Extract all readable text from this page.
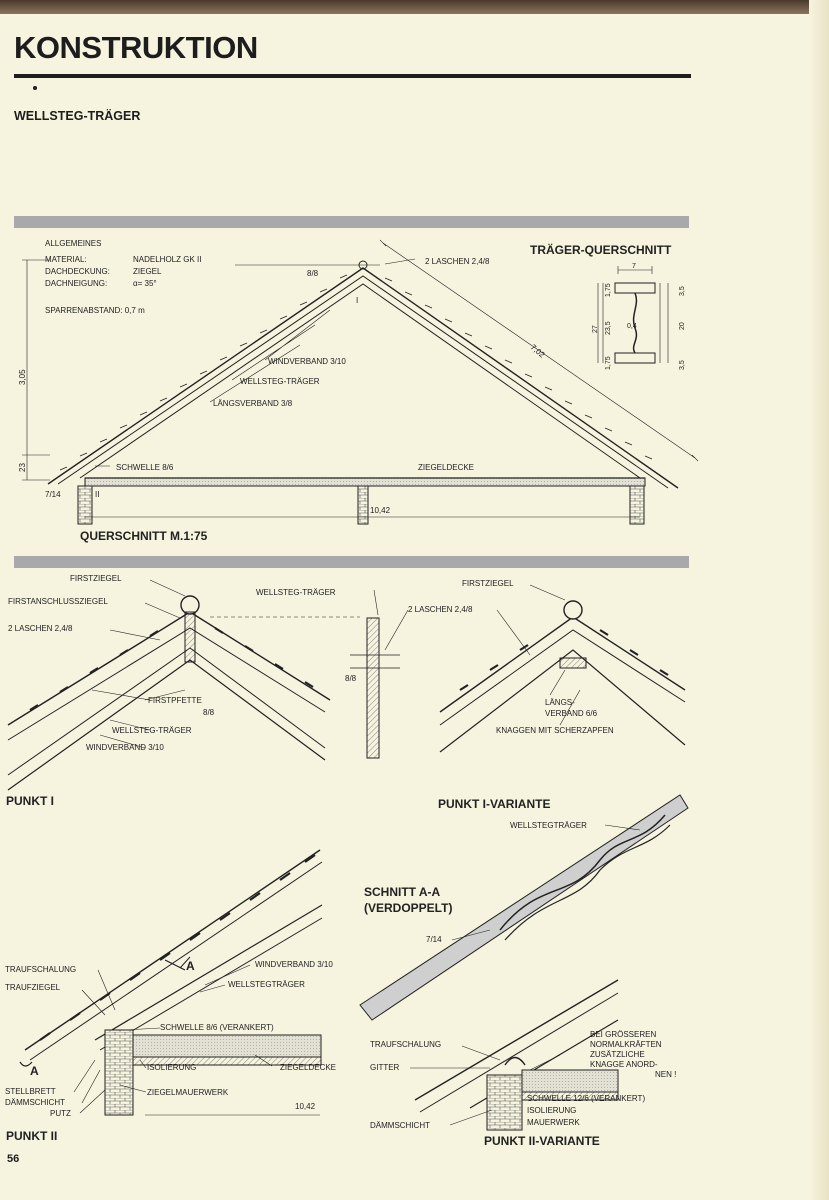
KONSTRUKTION
WELLSTEG-TRÄGER
ALLGEMEINES
MATERIAL:	NADELHOLZ GK II
DACHDECKUNG:	ZIEGEL
DACHNEIGUNG:	α= 35°
SPARRENABSTAND: 0,7 m
2 LASCHEN 2,4/8
8/8
I
7,02
WINDVERBAND 3/10
WELLSTEG-TRÄGER
LÄNGSVERBAND 3/8
SCHWELLE 8/6	ZIEGELDECKE
7/14	II
10,42
3,05
23
QUERSCHNITT M.1:75
TRÄGER-QUERSCHNITT
7
0,4
27 23,5	20
1,75	3,5
1,75	3,5
FIRSTZIEGEL
FIRSTANSCHLUSSZIEGEL
2 LASCHEN 2,4/8
FIRSTPFETTE
8/8
WELLSTEG-TRÄGER
WINDVERBAND 3/10
WELLSTEG-TRÄGER
8/8
FIRSTZIEGEL
2 LASCHEN 2,4/8
LÄNGS-
VERBAND 6/6
KNAGGEN MIT SCHERZAPFEN
PUNKT I	PUNKT I-VARIANTE
TRAUFSCHALUNG
TRAUFZIEGEL
WINDVERBAND 3/10
WELLSTEGTRÄGER
SCHWELLE 8/6 (VERANKERT)
ISOLIERUNG	ZIEGELDECKE
ZIEGELMAUERWERK
STELLBRETT
DÄMMSCHICHT
PUTZ
10,42
A
A
SCHNITT A-A
(VERDOPPELT)
WELLSTEGTRÄGER
7/14
TRAUFSCHALUNG
GITTER
DÄMMSCHICHT
BEI GRÖSSEREN
NORMALKRÄFTEN
ZUSÄTZLICHE
KNAGGE ANORD-
NEN !
SCHWELLE 12/6 (VERANKERT)
ISOLIERUNG
MAUERWERK
PUNKT II	PUNKT II-VARIANTE
56
